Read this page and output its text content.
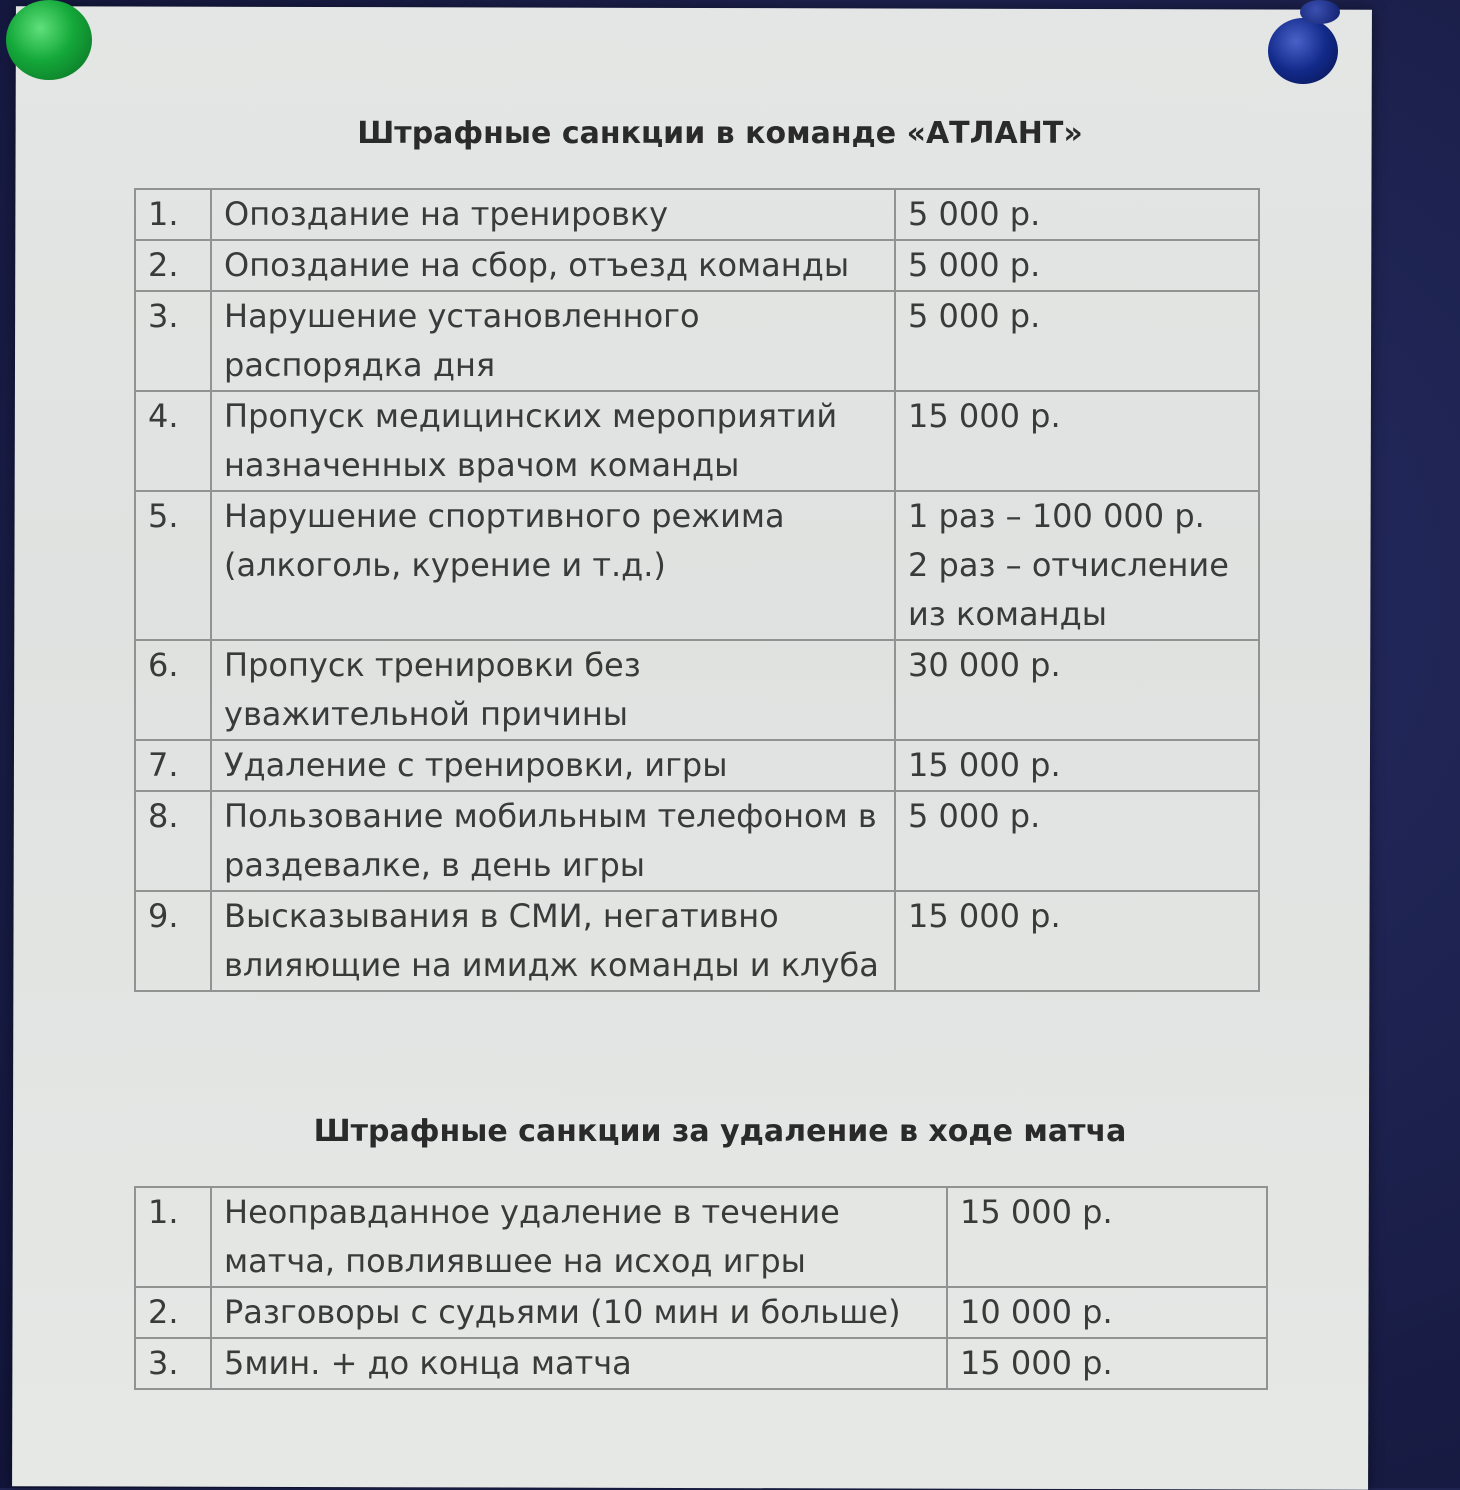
Штрафные санкции в команде «АТЛАНТ»
1.	Опоздание на тренировку	5 000 р.
2.	Опоздание на сбор, отъезд команды	5 000 р.
3.	Нарушение установленного распорядка дня	5 000 р.
4.	Пропуск медицинских мероприятий назначенных врачом команды	15 000 р.
5.	Нарушение спортивного режима (алкоголь, курение и т.д.)	1 раз – 100 000 р.
2 раз – отчисление из команды

6.	Пропуск тренировки без уважительной причины	30 000 р.
7.	Удаление с тренировки, игры	15 000 р.
8.	Пользование мобильным телефоном в раздевалке, в день игры	5 000 р.
9.	Высказывания в СМИ, негативно влияющие на имидж команды и клуба	15 000 р.
Штрафные санкции за удаление в ходе матча
1.	Неоправданное удаление в течение матча, повлиявшее на исход игры	15 000 р.
2.	Разговоры с судьями (10 мин и больше)	10 000 р.
3.	5мин. + до конца матча	15 000 р.
